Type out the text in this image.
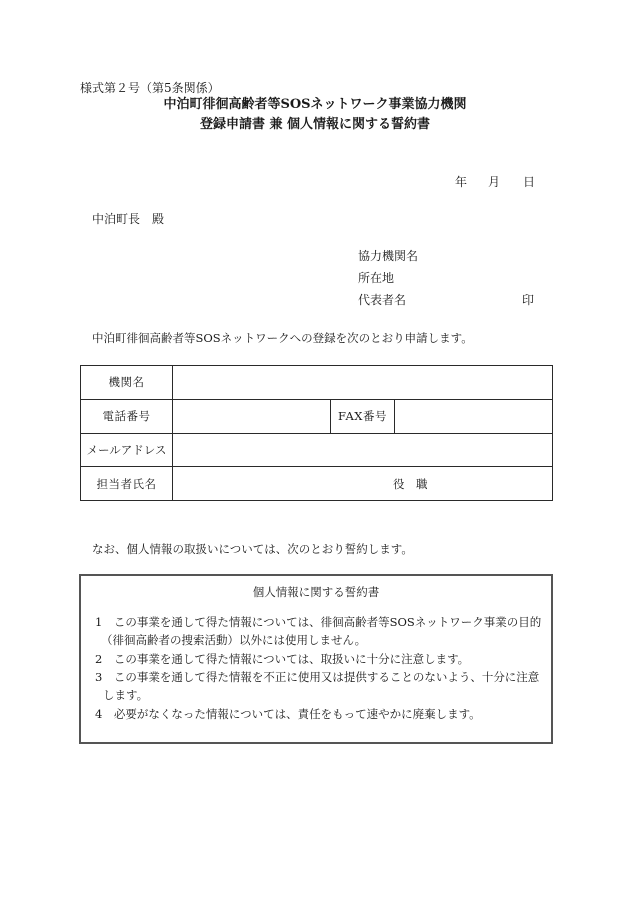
様式第２号（第5条関係）
中泊町徘徊高齢者等SOSネットワーク事業協力機関
登録申請書 兼 個人情報に関する誓約書
年 月 日
中泊町長　殿
協力機関名
所在地
代表者名	印
中泊町徘徊高齢者等SOSネットワークへの登録を次のとおり申請します。
機関名			
電話番号		FAX番号	
メールアドレス			
担当者氏名	役　職		
なお、個人情報の取扱いについては、次のとおり誓約します。
個人情報に関する誓約書
1　この事業を通して得た情報については、徘徊高齢者等SOSネットワーク事業の目的
（徘徊高齢者の捜索活動）以外には使用しません。
2　この事業を通して得た情報については、取扱いに十分に注意します。
3　この事業を通して得た情報を不正に使用又は提供することのないよう、十分に注意
します。
4　必要がなくなった情報については、責任をもって速やかに廃棄します。
